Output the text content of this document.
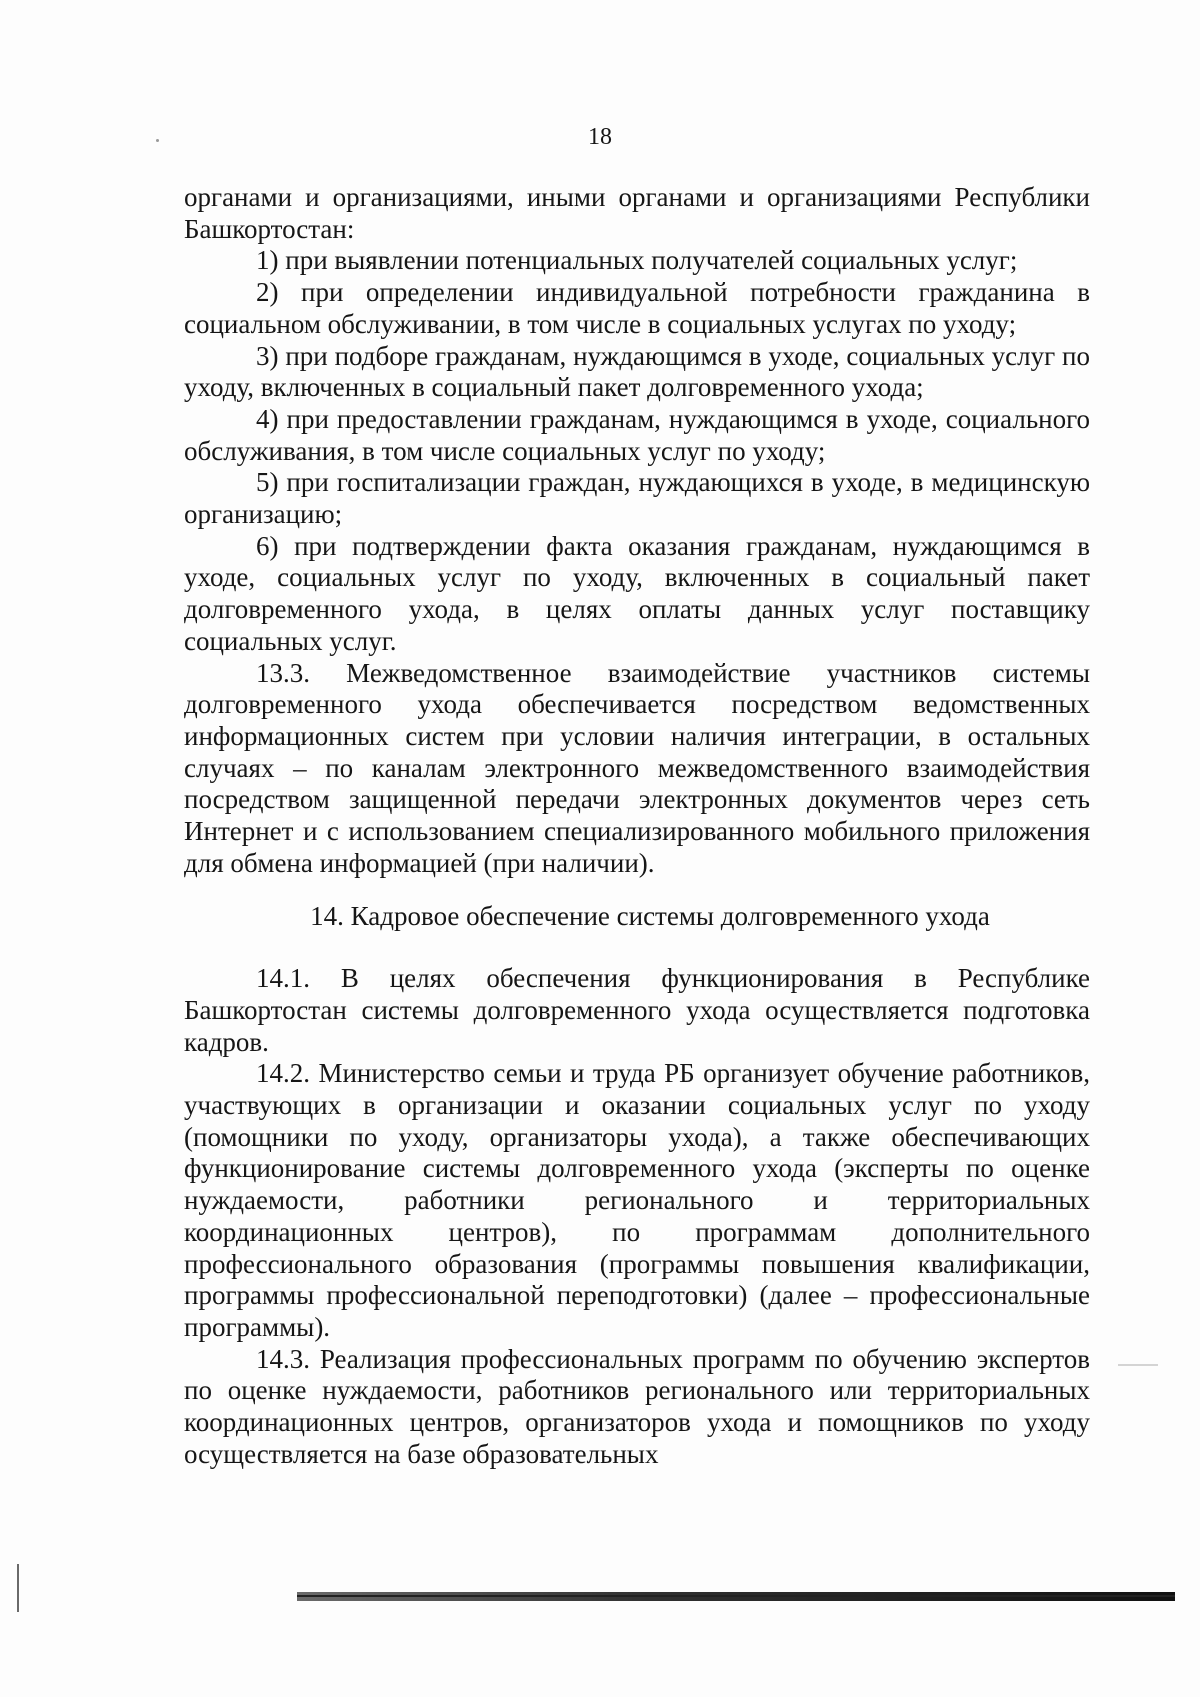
18

органами и организациями, иными органами и организациями Республики Башкортостан:

1) при выявлении потенциальных получателей социальных услуг;

2) при определении индивидуальной потребности гражданина в социальном обслуживании, в том числе в социальных услугах по уходу;

3) при подборе гражданам, нуждающимся в уходе, социальных услуг по уходу, включенных в социальный пакет долговременного ухода;

4) при предоставлении гражданам, нуждающимся в уходе, социального обслуживания, в том числе социальных услуг по уходу;

5) при госпитализации граждан, нуждающихся в уходе, в медицинскую организацию;

6) при подтверждении факта оказания гражданам, нуждающимся в уходе, социальных услуг по уходу, включенных в социальный пакет долговременного ухода, в целях оплаты данных услуг поставщику социальных услуг.

13.3. Межведомственное взаимодействие участников системы долговременного ухода обеспечивается посредством ведомственных информационных систем при условии наличия интеграции, в остальных случаях – по каналам электронного межведомственного взаимодействия посредством защищенной передачи электронных документов через сеть Интернет и с использованием специализированного мобильного приложения для обмена информацией (при наличии).

14. Кадровое обеспечение системы долговременного ухода

14.1. В целях обеспечения функционирования в Республике Башкортостан системы долговременного ухода осуществляется подготовка кадров.

14.2. Министерство семьи и труда РБ организует обучение работников, участвующих в организации и оказании социальных услуг по уходу (помощники по уходу, организаторы ухода), а также обеспечивающих функционирование системы долговременного ухода (эксперты по оценке нуждаемости, работники регионального и территориальных координационных центров), по программам дополнительного профессионального образования (программы повышения квалификации, программы профессиональной переподготовки) (далее – профессиональные программы).

14.3. Реализация профессиональных программ по обучению экспертов по оценке нуждаемости, работников регионального или территориальных координационных центров, организаторов ухода и помощников по уходу осуществляется на базе образовательных
